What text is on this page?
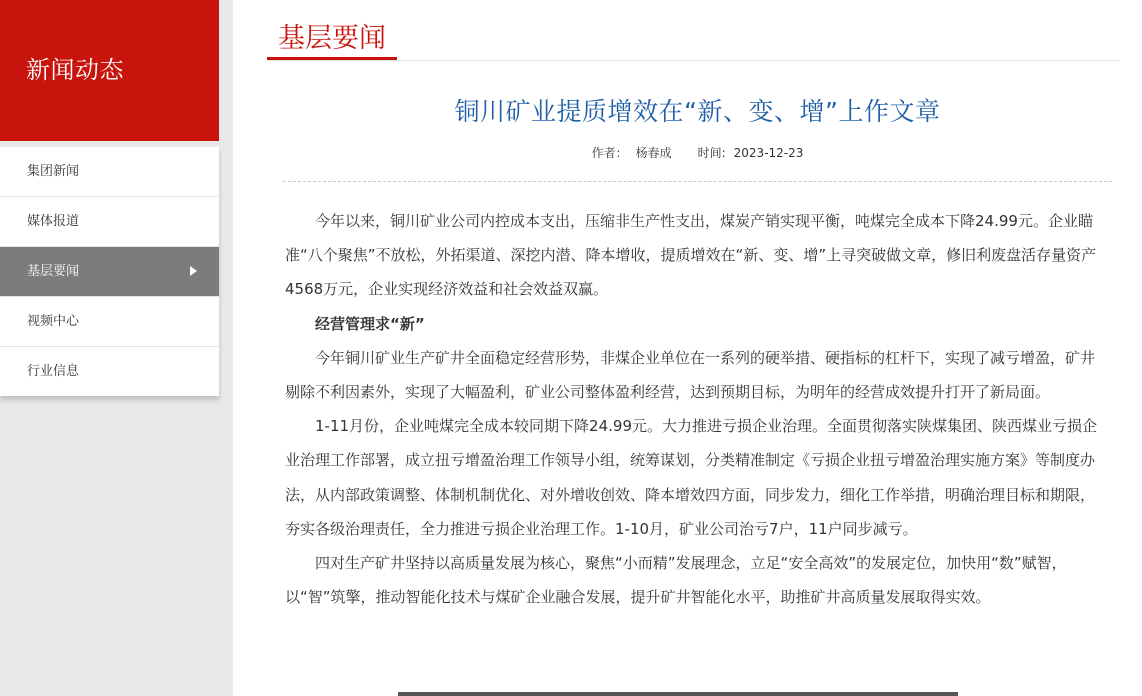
新闻动态
集团新闻
媒体报道
基层要闻
视频中心
行业信息
基层要闻
铜川矿业提质增效在“新、变、增”上作文章
作者： 杨春成 时间: 2023-12-23

今年以来，铜川矿业公司内控成本支出，压缩非生产性支出，煤炭产销实现平衡，吨煤完全成本下降24.99元。企业瞄准“八个聚焦”不放松，外拓渠道、深挖内潜、降本增收，提质增效在“新、变、增”上寻突破做文章，修旧利废盘活存量资产4568万元，企业实现经济效益和社会效益双赢。

经营管理求“新”

今年铜川矿业生产矿井全面稳定经营形势，非煤企业单位在一系列的硬举措、硬指标的杠杆下，实现了减亏增盈，矿井剔除不利因素外，实现了大幅盈利，矿业公司整体盈利经营，达到预期目标，为明年的经营成效提升打开了新局面。

1-11月份，企业吨煤完全成本较同期下降24.99元。大力推进亏损企业治理。全面贯彻落实陕煤集团、陕西煤业亏损企业治理工作部署，成立扭亏增盈治理工作领导小组，统筹谋划，分类精准制定《亏损企业扭亏增盈治理实施方案》等制度办法，从内部政策调整、体制机制优化、对外增收创效、降本增效四方面，同步发力，细化工作举措，明确治理目标和期限，夯实各级治理责任，全力推进亏损企业治理工作。1-10月，矿业公司治亏7户，11户同步减亏。

四对生产矿井坚持以高质量发展为核心，聚焦“小而精”发展理念，立足“安全高效”的发展定位，加快用“数”赋智，以“智”筑擎，推动智能化技术与煤矿企业融合发展，提升矿井智能化水平，助推矿井高质量发展取得实效。
